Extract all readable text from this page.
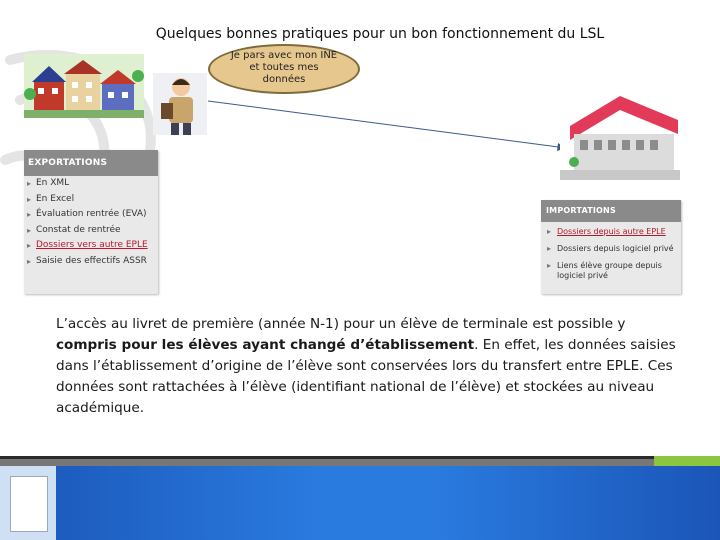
Quelques bonnes pratiques pour un bon fonctionnement du LSL
Je pars avec mon INE
et toutes mes
données
EXPORTATIONS
▸ En XML
▸ En Excel
▸ Évaluation rentrée (EVA)
▸ Constat de rentrée
▸ Dossiers vers autre EPLE
▸ Saisie des effectifs ASSR
IMPORTATIONS
▸ Dossiers depuis autre EPLE
▸ Dossiers depuis logiciel privé
▸ Liens élève groupe depuis logiciel privé
L’accès au livret de première (année N-1) pour un élève de terminale est possible y compris pour les élèves ayant changé d’établissement. En effet, les données saisies dans l’établissement d’origine de l’élève sont conservées lors du transfert entre EPLE. Ces données sont rattachées à l’élève (identifiant national de l’élève) et stockées au niveau académique.
